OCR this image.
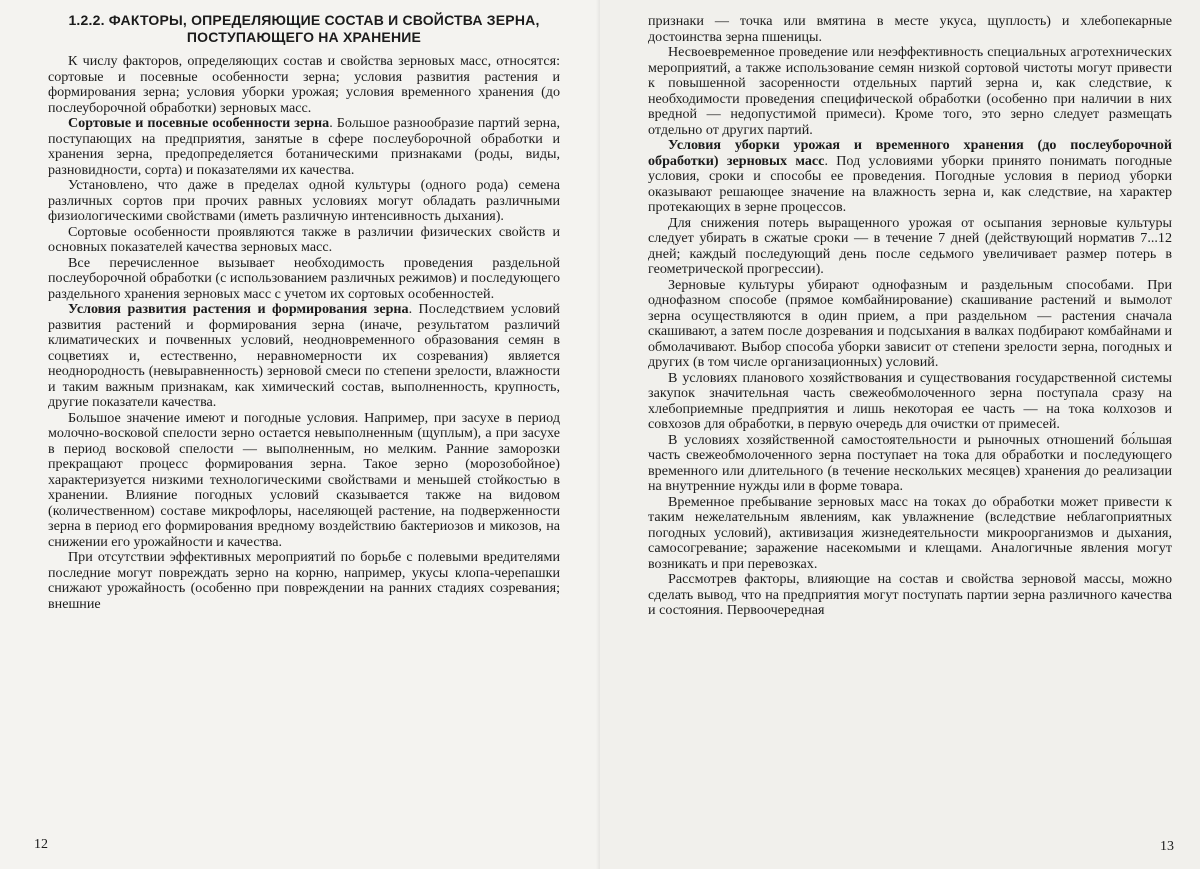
1.2.2. ФАКТОРЫ, ОПРЕДЕЛЯЮЩИЕ СОСТАВ И СВОЙСТВА ЗЕРНА,
ПОСТУПАЮЩЕГО НА ХРАНЕНИЕ

К числу факторов, определяющих состав и свойства зерновых масс, относятся: сортовые и посевные особенности зерна; условия развития растения и формирования зерна; условия уборки урожая; условия временного хранения (до послеуборочной обработки) зерновых масс.

Сортовые и посевные особенности зерна. Большое разнообразие партий зерна, поступающих на предприятия, занятые в сфере послеуборочной обработки и хранения зерна, предопределяется ботаническими признаками (роды, виды, разновидности, сорта) и показателями их качества.

Установлено, что даже в пределах одной культуры (одного рода) семена различных сортов при прочих равных условиях могут обладать различными физиологическими свойствами (иметь различную интенсивность дыхания).

Сортовые особенности проявляются также в различии физических свойств и основных показателей качества зерновых масс.

Все перечисленное вызывает необходимость проведения раздельной послеуборочной обработки (с использованием различных режимов) и последующего раздельного хранения зерновых масс с учетом их сортовых особенностей.

Условия развития растения и формирования зерна. Последствием условий развития растений и формирования зерна (иначе, результатом различий климатических и почвенных условий, неодновременного образования семян в соцветиях и, естественно, неравномерности их созревания) является неоднородность (невыравненность) зерновой смеси по степени зрелости, влажности и таким важным признакам, как химический состав, выполненность, крупность, другие показатели качества.

Большое значение имеют и погодные условия. Например, при засухе в период молочно-восковой спелости зерно остается невыполненным (щуплым), а при засухе в период восковой спелости — выполненным, но мелким. Ранние заморозки прекращают процесс формирования зерна. Такое зерно (морозобойное) характеризуется низкими технологическими свойствами и меньшей стойкостью в хранении. Влияние погодных условий сказывается также на видовом (количественном) составе микрофлоры, населяющей растение, на подверженности зерна в период его формирования вредному воздействию бактериозов и микозов, на снижении его урожайности и качества.

При отсутствии эффективных мероприятий по борьбе с полевыми вредителями последние могут повреждать зерно на корню, например, укусы клопа-черепашки снижают урожайность (особенно при повреждении на ранних стадиях созревания; внешние

12

признаки — точка или вмятина в месте укуса, щуплость) и хлебопекарные достоинства зерна пшеницы.

Несвоевременное проведение или неэффективность специальных агротехнических мероприятий, а также использование семян низкой сортовой чистоты могут привести к повышенной засоренности отдельных партий зерна и, как следствие, к необходимости проведения специфической обработки (особенно при наличии в них вредной — недопустимой примеси). Кроме того, это зерно следует размещать отдельно от других партий.

Условия уборки урожая и временного хранения (до послеуборочной обработки) зерновых масс. Под условиями уборки принято понимать погодные условия, сроки и способы ее проведения. Погодные условия в период уборки оказывают решающее значение на влажность зерна и, как следствие, на характер протекающих в зерне процессов.

Для снижения потерь выращенного урожая от осыпания зерновые культуры следует убирать в сжатые сроки — в течение 7 дней (действующий норматив 7...12 дней; каждый последующий день после седьмого увеличивает размер потерь в геометрической прогрессии).

Зерновые культуры убирают однофазным и раздельным способами. При однофазном способе (прямое комбайнирование) скашивание растений и вымолот зерна осуществляются в один прием, а при раздельном — растения сначала скашивают, а затем после дозревания и подсыхания в валках подбирают комбайнами и обмолачивают. Выбор способа уборки зависит от степени зрелости зерна, погодных и других (в том числе организационных) условий.

В условиях планового хозяйствования и существования государственной системы закупок значительная часть свежеобмолоченного зерна поступала сразу на хлебоприемные предприятия и лишь некоторая ее часть — на тока колхозов и совхозов для обработки, в первую очередь для очистки от примесей.

В условиях хозяйственной самостоятельности и рыночных отношений бо́льшая часть свежеобмолоченного зерна поступает на тока для обработки и последующего временного или длительного (в течение нескольких месяцев) хранения до реализации на внутренние нужды или в форме товара.

Временное пребывание зерновых масс на токах до обработки может привести к таким нежелательным явлениям, как увлажнение (вследствие неблагоприятных погодных условий), активизация жизнедеятельности микроорганизмов и дыхания, самосогревание; заражение насекомыми и клещами. Аналогичные явления могут возникать и при перевозках.

Рассмотрев факторы, влияющие на состав и свойства зерновой массы, можно сделать вывод, что на предприятия могут поступать партии зерна различного качества и состояния. Первоочередная

13
